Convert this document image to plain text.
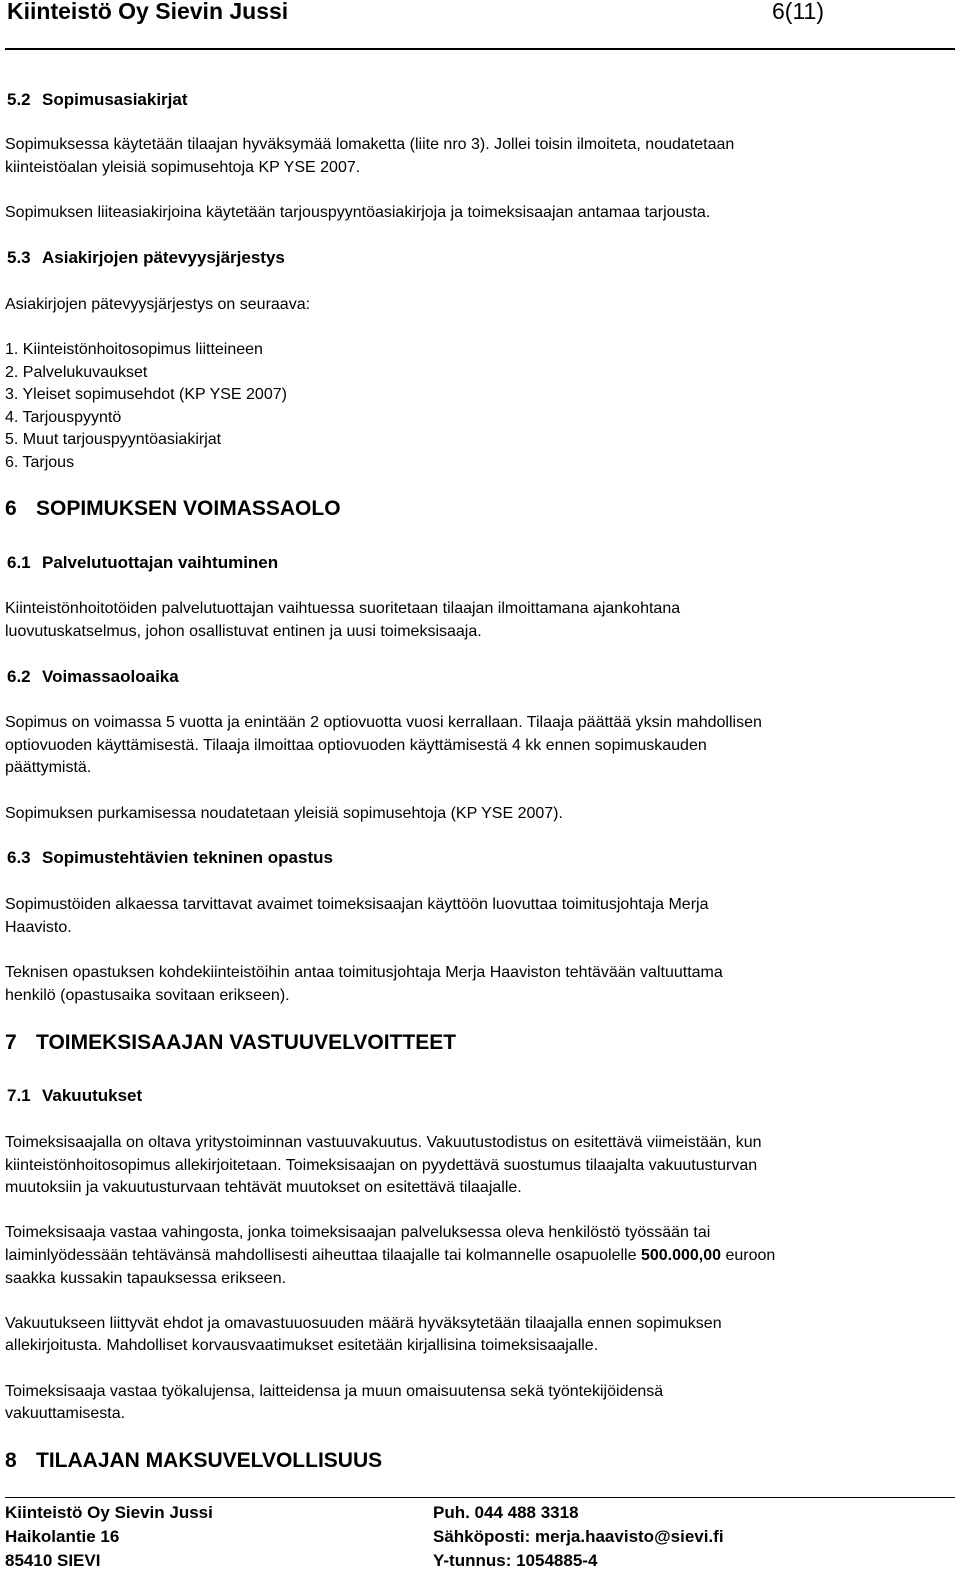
Kiinteistö Oy Sievin Jussi	6(11)
5.2 Sopimusasiakirjat
Sopimuksessa käytetään tilaajan hyväksymää lomaketta (liite nro 3). Jollei toisin ilmoiteta, noudatetaan
kiinteistöalan yleisiä sopimusehtoja KP YSE 2007.
Sopimuksen liiteasiakirjoina käytetään tarjouspyyntöasiakirjoja ja toimeksisaajan antamaa tarjousta.
5.3 Asiakirjojen pätevyysjärjestys
Asiakirjojen pätevyysjärjestys on seuraava:
1. Kiinteistönhoitosopimus liitteineen
2. Palvelukuvaukset
3. Yleiset sopimusehdot (KP YSE 2007)
4. Tarjouspyyntö
5. Muut tarjouspyyntöasiakirjat
6. Tarjous
6 SOPIMUKSEN VOIMASSAOLO
6.1 Palvelutuottajan vaihtuminen
Kiinteistönhoitotöiden palvelutuottajan vaihtuessa suoritetaan tilaajan ilmoittamana ajankohtana
luovutuskatselmus, johon osallistuvat entinen ja uusi toimeksisaaja.
6.2 Voimassaoloaika
Sopimus on voimassa 5 vuotta ja enintään 2 optiovuotta vuosi kerrallaan. Tilaaja päättää yksin mahdollisen
optiovuoden käyttämisestä. Tilaaja ilmoittaa optiovuoden käyttämisestä 4 kk ennen sopimuskauden
päättymistä.
Sopimuksen purkamisessa noudatetaan yleisiä sopimusehtoja (KP YSE 2007).
6.3 Sopimustehtävien tekninen opastus
Sopimustöiden alkaessa tarvittavat avaimet toimeksisaajan käyttöön luovuttaa toimitusjohtaja Merja
Haavisto.
Teknisen opastuksen kohdekiinteistöihin antaa toimitusjohtaja Merja Haaviston tehtävään valtuuttama
henkilö (opastusaika sovitaan erikseen).
7 TOIMEKSISAAJAN VASTUUVELVOITTEET
7.1 Vakuutukset
Toimeksisaajalla on oltava yritystoiminnan vastuuvakuutus. Vakuutustodistus on esitettävä viimeistään, kun
kiinteistönhoitosopimus allekirjoitetaan. Toimeksisaajan on pyydettävä suostumus tilaajalta vakuutusturvan
muutoksiin ja vakuutusturvaan tehtävät muutokset on esitettävä tilaajalle.
Toimeksisaaja vastaa vahingosta, jonka toimeksisaajan palveluksessa oleva henkilöstö työssään tai
laiminlyödessään tehtävänsä mahdollisesti aiheuttaa tilaajalle tai kolmannelle osapuolelle 500.000,00 euroon
saakka kussakin tapauksessa erikseen.
Vakuutukseen liittyvät ehdot ja omavastuuosuuden määrä hyväksytetään tilaajalla ennen sopimuksen
allekirjoitusta. Mahdolliset korvausvaatimukset esitetään kirjallisina toimeksisaajalle.
Toimeksisaaja vastaa työkalujensa, laitteidensa ja muun omaisuutensa sekä työntekijöidensä
vakuuttamisesta.
8 TILAAJAN MAKSUVELVOLLISUUS
Kiinteistö Oy Sievin Jussi
Haikolantie 16
85410 SIEVI
Puh. 044 488 3318
Sähköposti: merja.haavisto@sievi.fi
Y-tunnus: 1054885-4
